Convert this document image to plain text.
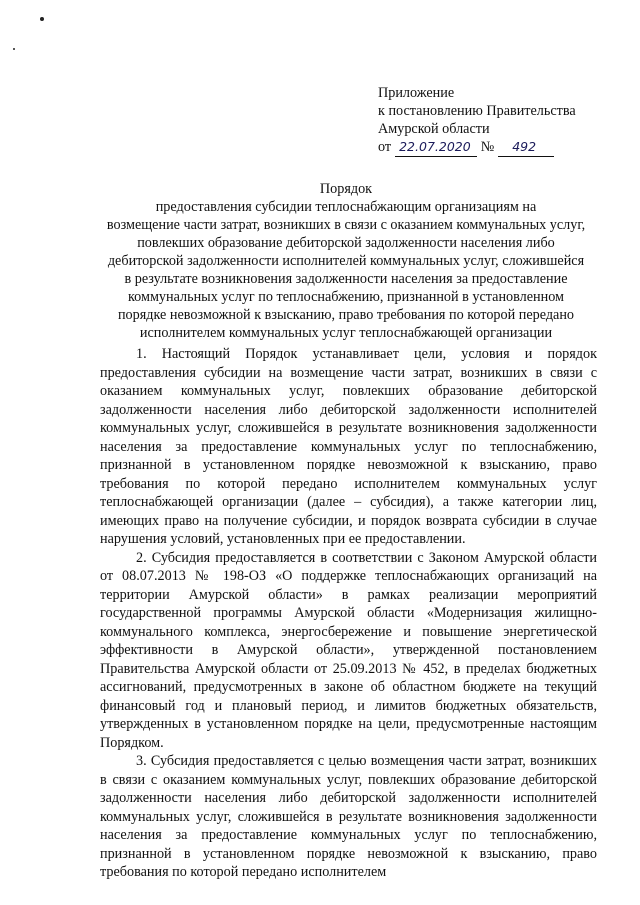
Приложение
к постановлению Правительства
Амурской области
от 22.07.2020 № 492
Порядок
предоставления субсидии теплоснабжающим организациям на
возмещение части затрат, возникших в связи с оказанием коммунальных услуг,
повлекших образование дебиторской задолженности населения либо
дебиторской задолженности исполнителей коммунальных услуг, сложившейся
в результате возникновения задолженности населения за предоставление
коммунальных услуг по теплоснабжению, признанной в установленном
порядке невозможной к взысканию, право требования по которой передано
исполнителем коммунальных услуг теплоснабжающей организации

1. Настоящий Порядок устанавливает цели, условия и порядок предоставления субсидии на возмещение части затрат, возникших в связи с оказанием коммунальных услуг, повлекших образование дебиторской задолженности населения либо дебиторской задолженности исполнителей коммунальных услуг, сложившейся в результате возникновения задолженности населения за предоставление коммунальных услуг по теплоснабжению, признанной в установленном порядке невозможной к взысканию, право требования по которой передано исполнителем коммунальных услуг теплоснабжающей организации (далее – субсидия), а также категории лиц, имеющих право на получение субсидии, и порядок возврата субсидии в случае нарушения условий, установленных при ее предоставлении.

2. Субсидия предоставляется в соответствии с Законом Амурской области от 08.07.2013 № 198-ОЗ «О поддержке теплоснабжающих организаций на территории Амурской области» в рамках реализации мероприятий государственной программы Амурской области «Модернизация жилищно-коммунального комплекса, энергосбережение и повышение энергетической эффективности в Амурской области», утвержденной постановлением Правительства Амурской области от 25.09.2013 № 452, в пределах бюджетных ассигнований, предусмотренных в законе об областном бюджете на текущий финансовый год и плановый период, и лимитов бюджетных обязательств, утвержденных в установленном порядке на цели, предусмотренные настоящим Порядком.

3. Субсидия предоставляется с целью возмещения части затрат, возникших в связи с оказанием коммунальных услуг, повлекших образование дебиторской задолженности населения либо дебиторской задолженности исполнителей коммунальных услуг, сложившейся в результате возникновения задолженности населения за предоставление коммунальных услуг по теплоснабжению, признанной в установленном порядке невозможной к взысканию, право требования по которой передано исполнителем
